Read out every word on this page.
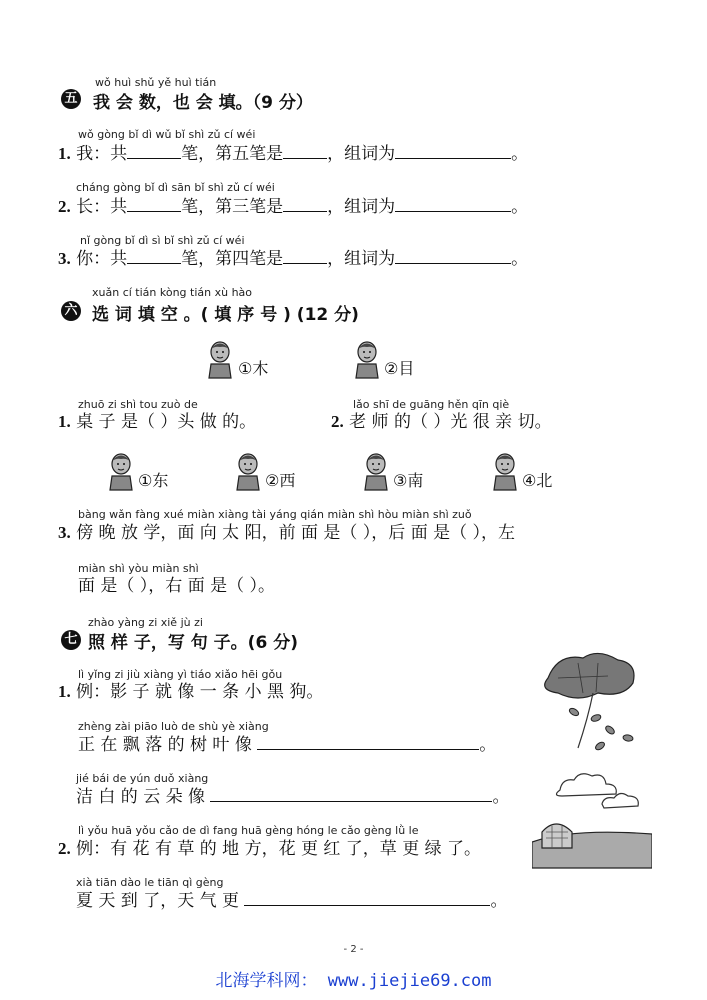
wǒ huì shǔ yě huì tián
五 我 会 数，也 会 填。（9 分）
wǒ gòng bǐ dì wǔ bǐ shì zǔ cí wéi
1. 我：共	笔，第五笔是	，组词为	。
cháng gòng bǐ dì sān bǐ shì zǔ cí wéi
2. 长：共	笔，第三笔是	，组词为	。
nǐ gòng bǐ dì sì bǐ shì zǔ cí wéi
3. 你：共	笔，第四笔是	，组词为	。
xuǎn cí tián kòng tián xù hào
六 选 词 填 空 。( 填 序 号 ) (12 分)
①木	②目
zhuō zi shì tou zuò de
1. 桌 子 是（ ）头 做 的。
lǎo shī de guāng hěn qīn qiè
2. 老 师 的（ ）光 很 亲 切。
①东	②西	③南	④北
bàng wǎn fàng xué miàn xiàng tài yáng qián miàn shì hòu miàn shì zuǒ
3. 傍 晚 放 学，面 向 太 阳，前 面 是（ ），后 面 是（ ），左
miàn shì yòu miàn shì
面 是（ ），右 面 是（ ）。
zhào yàng zi xiě jù zi
七 照 样 子，写 句 子。(6 分)
lì yǐng zi jiù xiàng yì tiáo xiǎo hēi gǒu
1. 例：影 子 就 像 一 条 小 黑 狗。
zhèng zài piāo luò de shù yè xiàng
正 在 飘 落 的 树 叶 像	。
jié bái de yún duǒ xiàng
洁 白 的 云 朵 像	。
lì yǒu huā yǒu cǎo de dì fang huā gèng hóng le cǎo gèng lǜ le
2. 例：有 花 有 草 的 地 方，花 更 红 了，草 更 绿 了。
xià tiān dào le tiān qì gèng
夏 天 到 了，天 气 更	。
- 2 -
北海学科网： www.jiejie69.com
